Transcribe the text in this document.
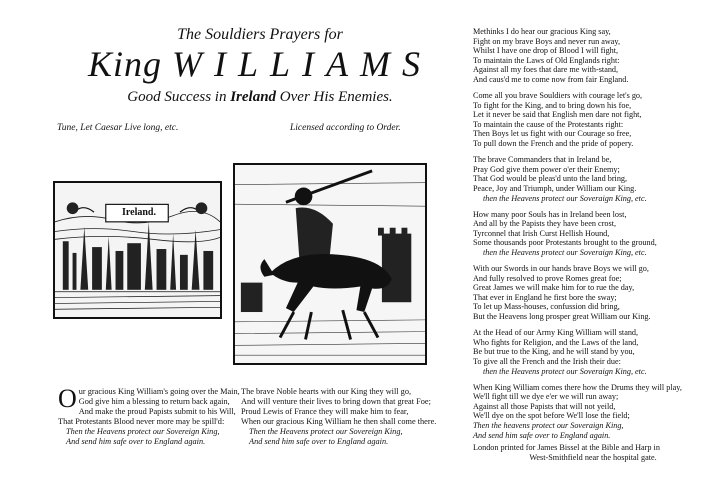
The Souldiers Prayers for
King WILLIAMS
Good Success in Ireland Over His Enemies.
Tune, Let Caesar Live long, etc.	Licensed according to Order.
Ireland.
O ur gracious King William's going over the Main,
God give him a blessing to return back again,
And make the proud Papists submit to his Will,
That Protestants Blood never more may be spill'd:
Then the Heavens protect our Sovereign King,
And send him safe over to England again.
The brave Noble hearts with our King they will go,
And will venture their lives to bring down that great Foe;
Proud Lewis of France they will make him to fear,
When our gracious King William he then shall come there.
Then the Heavens protect our Sovereign King,
And send him safe over to England again.
Methinks I do hear our gracious King say,
Fight on my brave Boys and never run away,
Whilst I have one drop of Blood I will fight,
To maintain the Laws of Old Englands right:
Against all my foes that dare me with-stand,
And caus'd me to come now from fair England.
Come all you brave Souldiers with courage let's go,
To fight for the King, and to bring down his foe,
Let it never be said that English men dare not fight,
To maintain the cause of the Protestants right:
Then Boys let us fight with our Courage so free,
To pull down the French and the pride of popery.
The brave Commanders that in Ireland be,
Pray God give them power o'er their Enemy;
That God would be pleas'd unto the land bring,
Peace, Joy and Triumph, under William our King.
then the Heavens protect our Soveraign King, etc.
How many poor Souls has in Ireland been lost,
And all by the Papists they have been crost,
Tyrconnel that Irish Curst Hellish Hound,
Some thousands poor Protestants brought to the ground,
then the Heavens protect our Soveraign King, etc.
With our Swords in our hands brave Boys we will go,
And fully resolved to prove Romes great foe;
Great James we will make him for to rue the day,
That ever in England he first bore the sway;
To let up Mass-houses, confussion did bring,
But the Heavens long prosper great William our King.
At the Head of our Army King William will stand,
Who fights for Religion, and the Laws of the land,
Be but true to the King, and he will stand by you,
To give all the French and the Irish their due:
then the Heavens protect our Soveraign King, etc.
When King William comes there how the Drums they will play,
We'll fight till we dye e'er we will run away;
Against all those Papists that will not yeild,
We'll dye on the spot before We'll lose the field;
Then the heavens protect our Soveraign King,
And send him safe over to England again.
London printed for James Bissel at the Bible and Harp in
West-Smithfield near the hospital gate.
